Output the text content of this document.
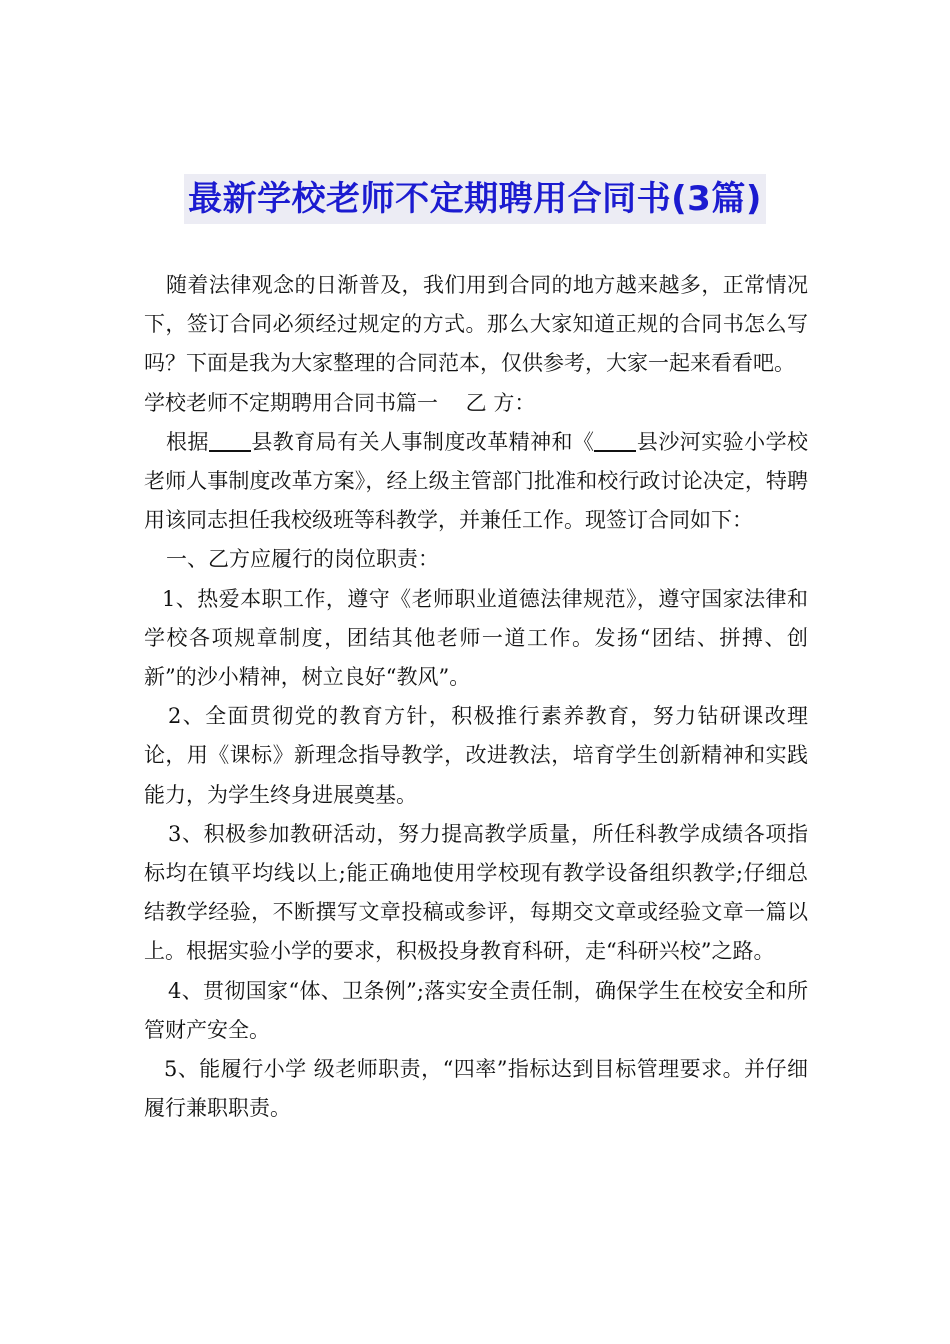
最新学校老师不定期聘用合同书(3篇)

随着法律观念的日渐普及，我们用到合同的地方越来越多，正常情况下，签订合同必须经过规定的方式。那么大家知道正规的合同书怎么写吗？下面是我为大家整理的合同范本，仅供参考，大家一起来看看吧。

学校老师不定期聘用合同书篇一　 乙 方：

根据 县教育局有关人事制度改革精神和《 县沙河实验小学校老师人事制度改革方案》，经上级主管部门批准和校行政讨论决定，特聘用该同志担任我校级班等科教学，并兼任工作。现签订合同如下：

一、乙方应履行的岗位职责：

1、热爱本职工作，遵守《老师职业道德法律规范》，遵守国家法律和学校各项规章制度，团结其他老师一道工作。发扬“团结、拼搏、创新”的沙小精神，树立良好“教风”。

2、全面贯彻党的教育方针，积极推行素养教育，努力钻研课改理论，用《课标》新理念指导教学，改进教法，培育学生创新精神和实践能力，为学生终身进展奠基。

3、积极参加教研活动，努力提高教学质量，所任科教学成绩各项指标均在镇平均线以上;能正确地使用学校现有教学设备组织教学;仔细总结教学经验，不断撰写文章投稿或参评，每期交文章或经验文章一篇以上。根据实验小学的要求，积极投身教育科研，走“科研兴校”之路。

4、贯彻国家“体、卫条例”;落实安全责任制，确保学生在校安全和所管财产安全。

5、能履行小学 级老师职责，“四率”指标达到目标管理要求。并仔细履行兼职职责。
